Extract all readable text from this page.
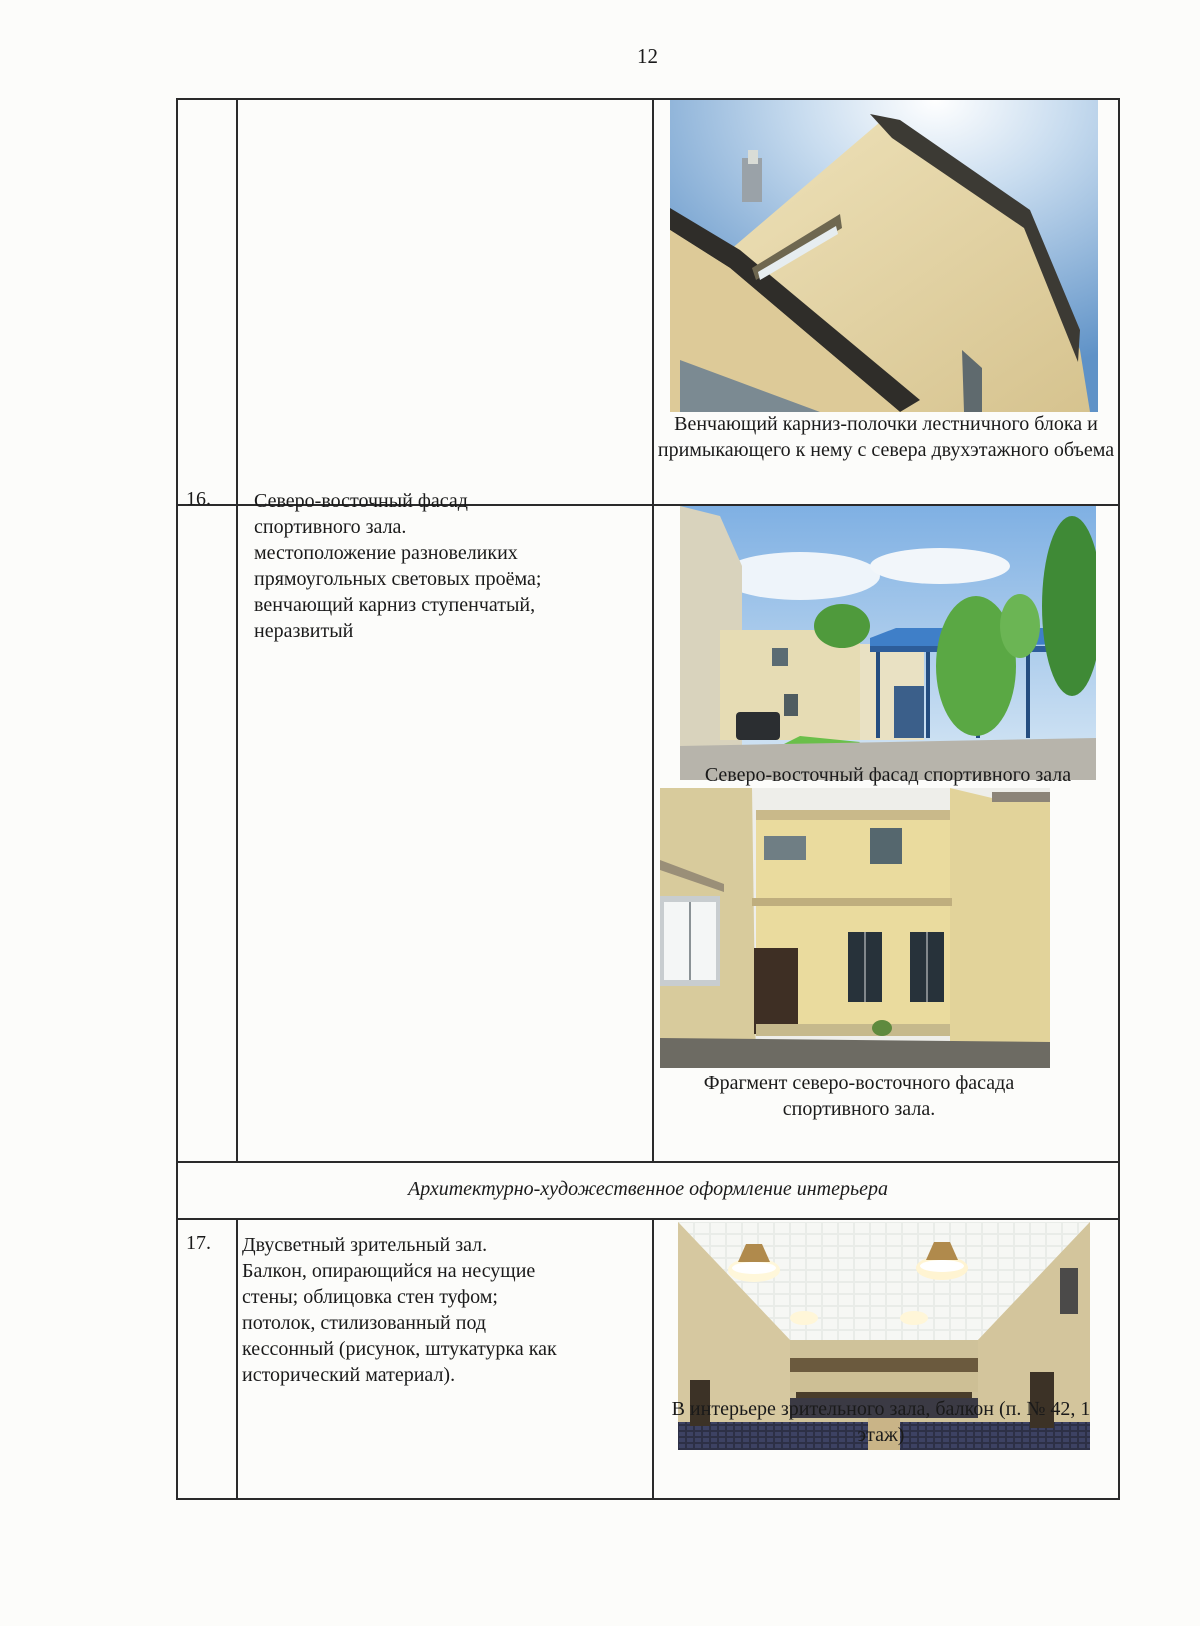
12
Венчающий карниз-полочки лестничного блока и примыкающего к нему с севера двухэтажного объема
16. Северо-восточный фасад
спортивного зала.
местоположение разновеликих
прямоугольных световых проёма;
венчающий карниз ступенчатый,
неразвитый
Северо-восточный фасад спортивного зала
Фрагмент северо-восточного фасада спортивного зала.
Архитектурно-художественное оформление интерьера
17. Двусветный зрительный зал.
Балкон, опирающийся на несущие
стены; облицовка стен туфом;
потолок, стилизованный под
кессонный (рисунок, штукатурка как
исторический материал).
В интерьере зрительного зала, балкон (п. № 42, 1 этаж)
